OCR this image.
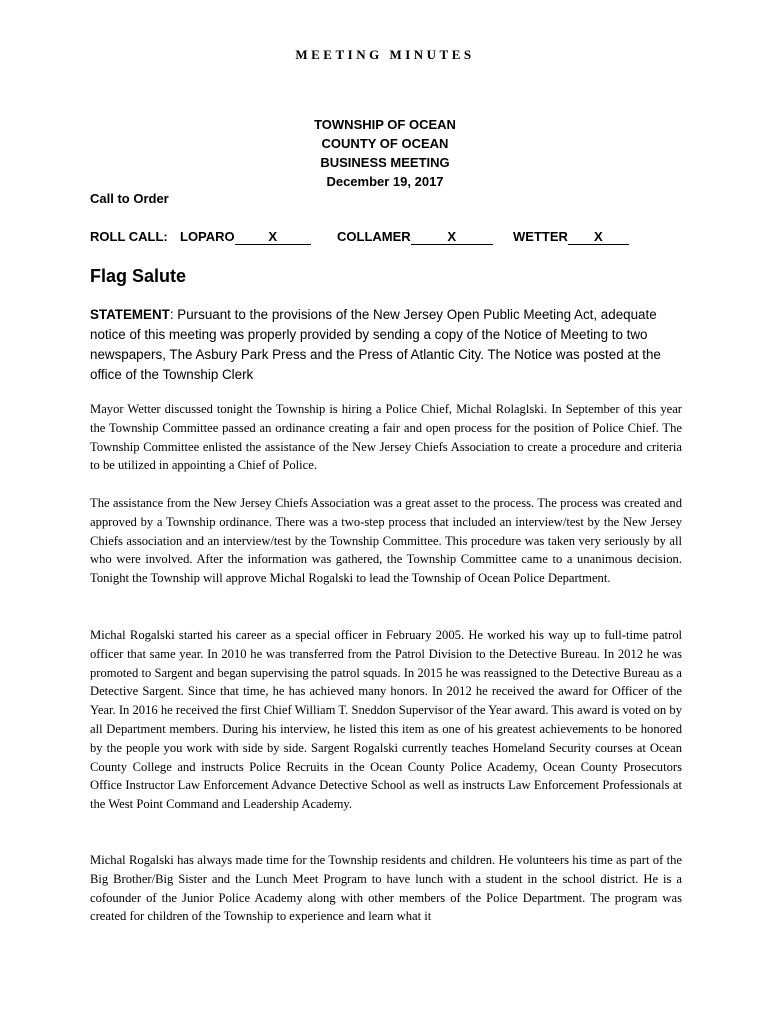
MEETING MINUTES
TOWNSHIP OF OCEAN
COUNTY OF OCEAN
BUSINESS MEETING
December 19, 2017
Call to Order
ROLL CALL: LOPARO	X	COLLAMER	X	WETTER X
Flag Salute

STATEMENT: Pursuant to the provisions of the New Jersey Open Public Meeting Act, adequate notice of this meeting was properly provided by sending a copy of the Notice of Meeting to two newspapers, The Asbury Park Press and the Press of Atlantic City. The Notice was posted at the office of the Township Clerk

Mayor Wetter discussed tonight the Township is hiring a Police Chief, Michal Rolaglski. In September of this year the Township Committee passed an ordinance creating a fair and open process for the position of Police Chief. The Township Committee enlisted the assistance of the New Jersey Chiefs Association to create a procedure and criteria to be utilized in appointing a Chief of Police.

The assistance from the New Jersey Chiefs Association was a great asset to the process. The process was created and approved by a Township ordinance. There was a two-step process that included an interview/test by the New Jersey Chiefs association and an interview/test by the Township Committee. This procedure was taken very seriously by all who were involved. After the information was gathered, the Township Committee came to a unanimous decision. Tonight the Township will approve Michal Rogalski to lead the Township of Ocean Police Department.

Michal Rogalski started his career as a special officer in February 2005. He worked his way up to full-time patrol officer that same year. In 2010 he was transferred from the Patrol Division to the Detective Bureau. In 2012 he was promoted to Sargent and began supervising the patrol squads. In 2015 he was reassigned to the Detective Bureau as a Detective Sargent. Since that time, he has achieved many honors. In 2012 he received the award for Officer of the Year. In 2016 he received the first Chief William T. Sneddon Supervisor of the Year award. This award is voted on by all Department members. During his interview, he listed this item as one of his greatest achievements to be honored by the people you work with side by side. Sargent Rogalski currently teaches Homeland Security courses at Ocean County College and instructs Police Recruits in the Ocean County Police Academy, Ocean County Prosecutors Office Instructor Law Enforcement Advance Detective School as well as instructs Law Enforcement Professionals at the West Point Command and Leadership Academy.

Michal Rogalski has always made time for the Township residents and children. He volunteers his time as part of the Big Brother/Big Sister and the Lunch Meet Program to have lunch with a student in the school district. He is a cofounder of the Junior Police Academy along with other members of the Police Department. The program was created for children of the Township to experience and learn what it
